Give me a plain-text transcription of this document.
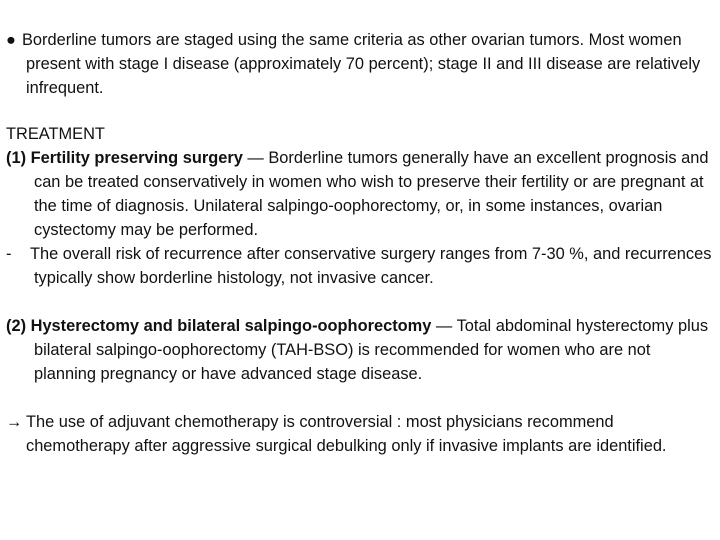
● Borderline tumors are staged using the same criteria as other ovarian tumors. Most women present with stage I disease (approximately 70 percent); stage II and III disease are relatively infrequent.

TREATMENT

(1) Fertility preserving surgery — Borderline tumors generally have an excellent prognosis and can be treated conservatively in women who wish to preserve their fertility or are pregnant at the time of diagnosis. Unilateral salpingo-oophorectomy, or, in some instances, ovarian cystectomy may be performed.

- The overall risk of recurrence after conservative surgery ranges from 7-30 %, and recurrences typically show borderline histology, not invasive cancer.

(2) Hysterectomy and bilateral salpingo-oophorectomy — Total abdominal hysterectomy plus bilateral salpingo-oophorectomy (TAH-BSO) is recommended for women who are not planning pregnancy or have advanced stage disease.

→ The use of adjuvant chemotherapy is controversial : most physicians recommend chemotherapy after aggressive surgical debulking only if invasive implants are identified.
